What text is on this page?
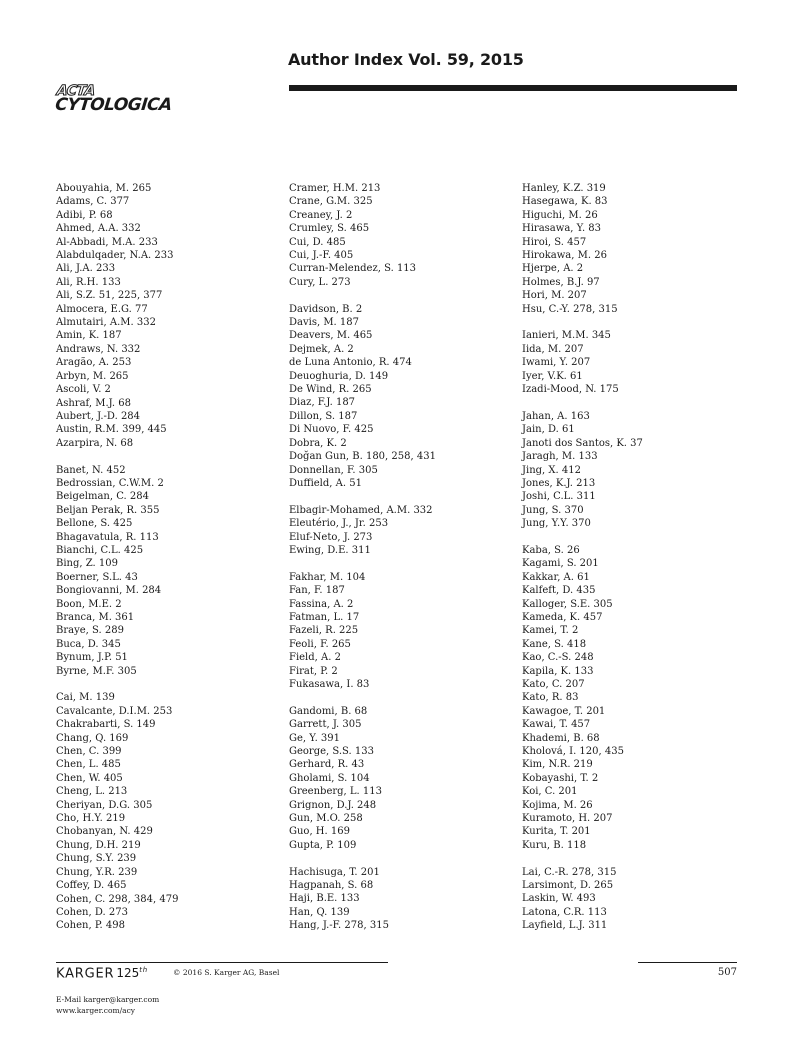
Author Index Vol. 59, 2015
ACTA
CYTOLOGICA
Abouyahia, M. 265
Adams, C. 377
Adibi, P. 68
Ahmed, A.A. 332
Al-Abbadi, M.A. 233
Alabdulqader, N.A. 233
Ali, J.A. 233
Ali, R.H. 133
Ali, S.Z. 51, 225, 377
Almocera, E.G. 77
Almutairi, A.M. 332
Amin, K. 187
Andraws, N. 332
Aragão, A. 253
Arbyn, M. 265
Ascoli, V. 2
Ashraf, M.J. 68
Aubert, J.-D. 284
Austin, R.M. 399, 445
Azarpira, N. 68
Banet, N. 452
Bedrossian, C.W.M. 2
Beigelman, C. 284
Beljan Perak, R. 355
Bellone, S. 425
Bhagavatula, R. 113
Bianchi, C.L. 425
Bing, Z. 109
Boerner, S.L. 43
Bongiovanni, M. 284
Boon, M.E. 2
Branca, M. 361
Braye, S. 289
Buca, D. 345
Bynum, J.P. 51
Byrne, M.F. 305
Cai, M. 139
Cavalcante, D.I.M. 253
Chakrabarti, S. 149
Chang, Q. 169
Chen, C. 399
Chen, L. 485
Chen, W. 405
Cheng, L. 213
Cheriyan, D.G. 305
Cho, H.Y. 219
Chobanyan, N. 429
Chung, D.H. 219
Chung, S.Y. 239
Chung, Y.R. 239
Coffey, D. 465
Cohen, C. 298, 384, 479
Cohen, D. 273
Cohen, P. 498
Cramer, H.M. 213
Crane, G.M. 325
Creaney, J. 2
Crumley, S. 465
Cui, D. 485
Cui, J.-F. 405
Curran-Melendez, S. 113
Cury, L. 273
Davidson, B. 2
Davis, M. 187
Deavers, M. 465
Dejmek, A. 2
de Luna Antonio, R. 474
Deuoghuria, D. 149
De Wind, R. 265
Diaz, F.J. 187
Dillon, S. 187
Di Nuovo, F. 425
Dobra, K. 2
Doğan Gun, B. 180, 258, 431
Donnellan, F. 305
Duffield, A. 51
Elbagir-Mohamed, A.M. 332
Eleutério, J., Jr. 253
Eluf-Neto, J. 273
Ewing, D.E. 311
Fakhar, M. 104
Fan, F. 187
Fassina, A. 2
Fatman, L. 17
Fazeli, R. 225
Feoli, F. 265
Field, A. 2
Firat, P. 2
Fukasawa, I. 83
Gandomi, B. 68
Garrett, J. 305
Ge, Y. 391
George, S.S. 133
Gerhard, R. 43
Gholami, S. 104
Greenberg, L. 113
Grignon, D.J. 248
Gun, M.O. 258
Guo, H. 169
Gupta, P. 109
Hachisuga, T. 201
Hagpanah, S. 68
Haji, B.E. 133
Han, Q. 139
Hang, J.-F. 278, 315
Hanley, K.Z. 319
Hasegawa, K. 83
Higuchi, M. 26
Hirasawa, Y. 83
Hiroi, S. 457
Hirokawa, M. 26
Hjerpe, A. 2
Holmes, B.J. 97
Hori, M. 207
Hsu, C.-Y. 278, 315
Ianieri, M.M. 345
Iida, M. 207
Iwami, Y. 207
Iyer, V.K. 61
Izadi-Mood, N. 175
Jahan, A. 163
Jain, D. 61
Janoti dos Santos, K. 37
Jaragh, M. 133
Jing, X. 412
Jones, K.J. 213
Joshi, C.L. 311
Jung, S. 370
Jung, Y.Y. 370
Kaba, S. 26
Kagami, S. 201
Kakkar, A. 61
Kalfeft, D. 435
Kalloger, S.E. 305
Kameda, K. 457
Kamei, T. 2
Kane, S. 418
Kao, C.-S. 248
Kapila, K. 133
Kato, C. 207
Kato, R. 83
Kawagoe, T. 201
Kawai, T. 457
Khademi, B. 68
Kholová, I. 120, 435
Kim, N.R. 219
Kobayashi, T. 2
Koi, C. 201
Kojima, M. 26
Kuramoto, H. 207
Kurita, T. 201
Kuru, B. 118
Lai, C.-R. 278, 315
Larsimont, D. 265
Laskin, W. 493
Latona, C.R. 113
Layfield, L.J. 311
KARGER 125th	© 2016 S. Karger AG, Basel	507
E-Mail karger@karger.com
www.karger.com/acy
